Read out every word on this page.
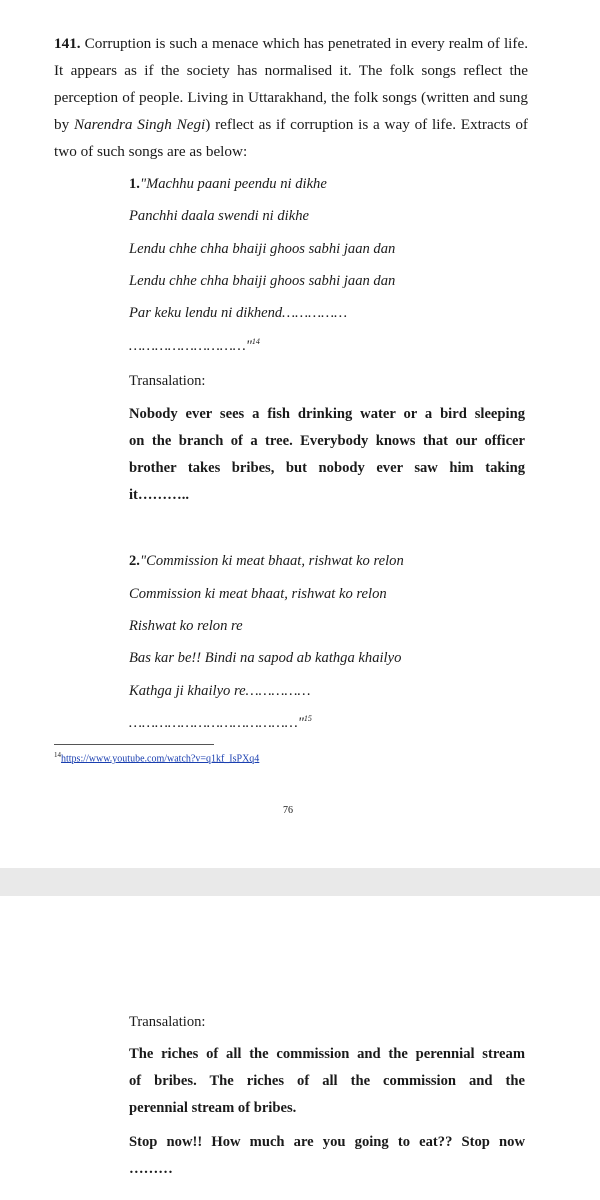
141. Corruption is such a menace which has penetrated in every realm of life. It appears as if the society has normalised it. The folk songs reflect the perception of people. Living in Uttarakhand, the folk songs (written and sung by Narendra Singh Negi) reflect as if corruption is a way of life. Extracts of two of such songs are as below:

1."Machhu paani peendu ni dikhe

Panchhi daala swendi ni dikhe

Lendu chhe chha bhaiji ghoos sabhi jaan dan

Lendu chhe chha bhaiji ghoos sabhi jaan dan

Par keku lendu ni dikhend……………

………………………"$^{14}$

Transalation:

Nobody ever sees a fish drinking water or a bird sleeping
on the branch of a tree. Everybody knows that our officer
brother takes bribes, but nobody ever saw him taking
it………..

2."Commission ki meat bhaat, rishwat ko relon

Commission ki meat bhaat, rishwat ko relon

Rishwat ko relon re

Bas kar be!! Bindi na sapod ab kathga khailyo

Kathga ji khailyo re……………

…………………………………"$^{15}$

$^{14}$https://www.youtube.com/watch?v=q1kf_IsPXq4

76

Transalation:

The riches of all the commission and the perennial stream
of bribes. The riches of all the commission and the
perennial stream of bribes.
Stop now!! How much are you going to eat?? Stop now
………
